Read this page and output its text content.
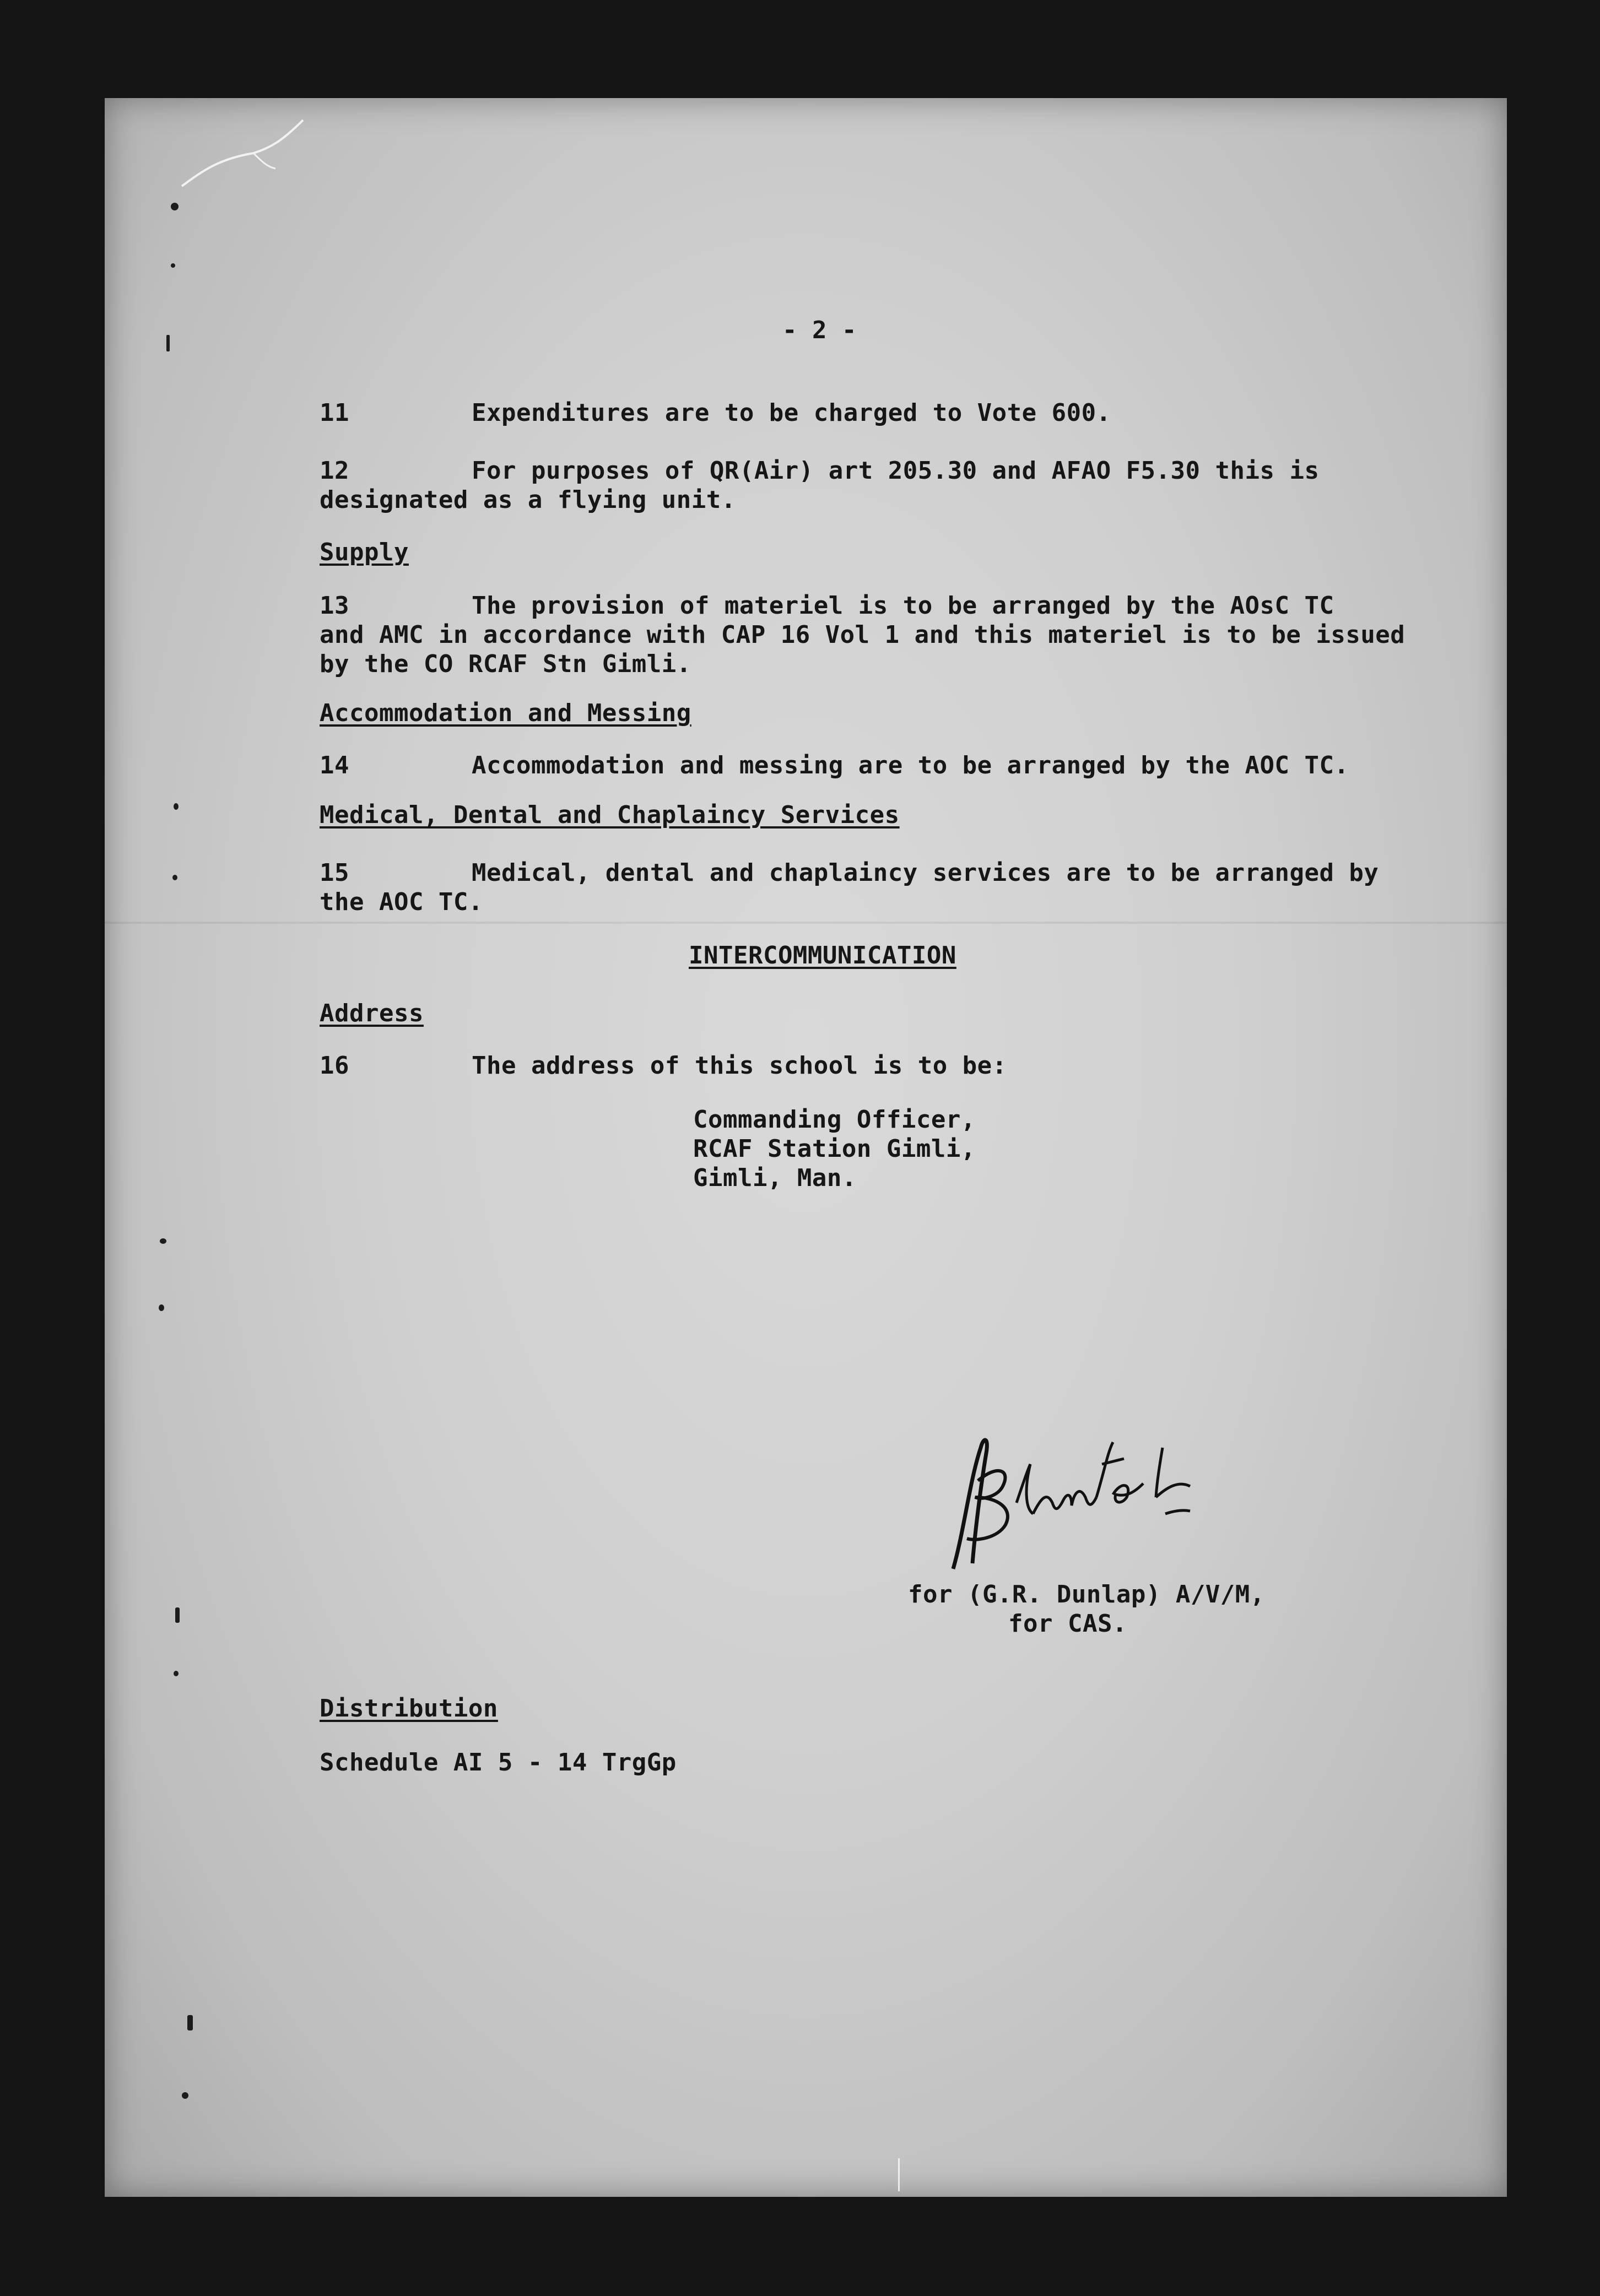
- 2 -
11	Expenditures are to be charged to Vote 600.
12	For purposes of QR(Air) art 205.30 and AFAO F5.30 this is
designated as a flying unit.
Supply
13	The provision of materiel is to be arranged by the AOsC TC
and AMC in accordance with CAP 16 Vol 1 and this materiel is to be issued
by the CO RCAF Stn Gimli.
Accommodation and Messing
14	Accommodation and messing are to be arranged by the AOC TC.
Medical, Dental and Chaplaincy Services
15	Medical, dental and chaplaincy services are to be arranged by
the AOC TC.
INTERCOMMUNICATION
Address
16	The address of this school is to be:
Commanding Officer,
RCAF Station Gimli,
Gimli, Man.
for (G.R. Dunlap) A/V/M,
for CAS.
Distribution
Schedule AI 5 - 14 TrgGp
